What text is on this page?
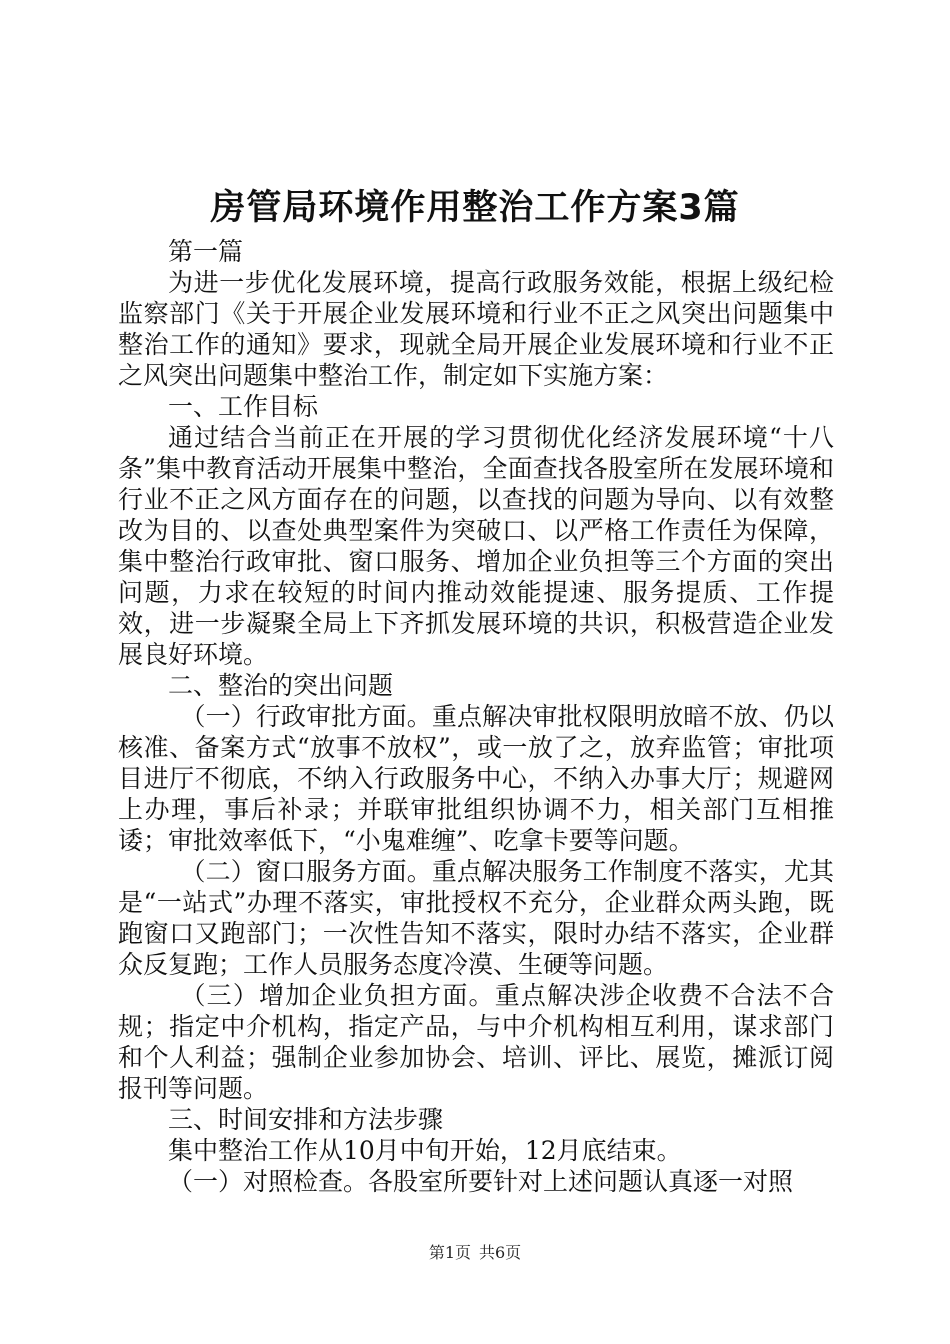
房管局环境作用整治工作方案3篇

第一篇

为进一步优化发展环境，提高行政服务效能，根据上级纪检监察部门《关于开展企业发展环境和行业不正之风突出问题集中整治工作的通知》要求，现就全局开展企业发展环境和行业不正之风突出问题集中整治工作，制定如下实施方案：

一、工作目标

通过结合当前正在开展的学习贯彻优化经济发展环境“十八条”集中教育活动开展集中整治，全面查找各股室所在发展环境和行业不正之风方面存在的问题，以查找的问题为导向、以有效整改为目的、以查处典型案件为突破口、以严格工作责任为保障，集中整治行政审批、窗口服务、增加企业负担等三个方面的突出问题，力求在较短的时间内推动效能提速、服务提质、工作提效，进一步凝聚全局上下齐抓发展环境的共识，积极营造企业发展良好环境。

二、整治的突出问题

（一）行政审批方面。重点解决审批权限明放暗不放、仍以核准、备案方式“放事不放权”，或一放了之，放弃监管；审批项目进厅不彻底，不纳入行政服务中心，不纳入办事大厅；规避网上办理，事后补录；并联审批组织协调不力，相关部门互相推诿；审批效率低下，“小鬼难缠”、吃拿卡要等问题。

（二）窗口服务方面。重点解决服务工作制度不落实，尤其是“一站式”办理不落实，审批授权不充分，企业群众两头跑，既跑窗口又跑部门；一次性告知不落实，限时办结不落实，企业群众反复跑；工作人员服务态度冷漠、生硬等问题。

（三）增加企业负担方面。重点解决涉企收费不合法不合规；指定中介机构，指定产品，与中介机构相互利用，谋求部门和个人利益；强制企业参加协会、培训、评比、展览，摊派订阅报刊等问题。

三、时间安排和方法步骤

集中整治工作从10月中旬开始，12月底结束。

（一）对照检查。各股室所要针对上述问题认真逐一对照

第1页 共6页
